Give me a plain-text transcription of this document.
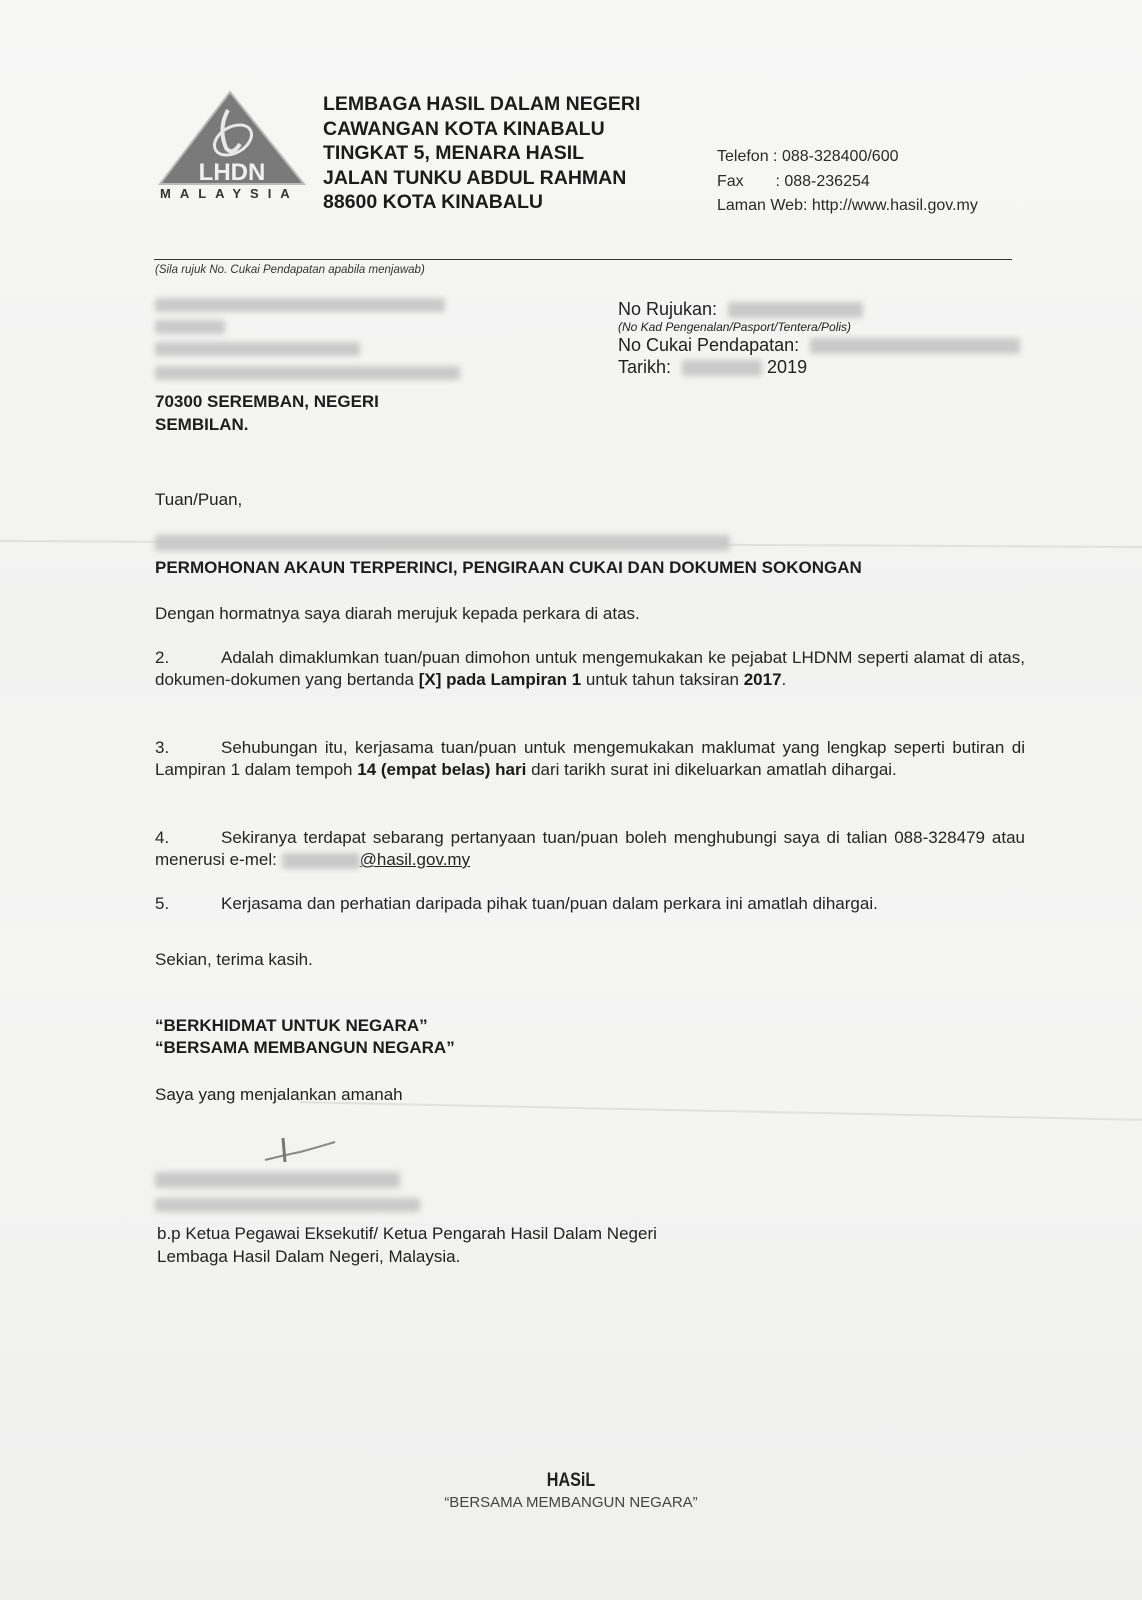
LHDN
MALAYSIA
LEMBAGA HASIL DALAM NEGERI
CAWANGAN KOTA KINABALU
TINGKAT 5, MENARA HASIL
JALAN TUNKU ABDUL RAHMAN
88600 KOTA KINABALU
Telefon : 088-328400/600
Fax : 088-236254
Laman Web: http://www.hasil.gov.my
(Sila rujuk No. Cukai Pendapatan apabila menjawab)

70300 SEREMBAN, NEGERI
SEMBILAN.
No Rujukan:
(No Kad Pengenalan/Pasport/Tentera/Polis)
No Cukai Pendapatan:
Tarikh:	2019
Tuan/Puan,
PERMOHONAN AKAUN TERPERINCI, PENGIRAAN CUKAI DAN DOKUMEN SOKONGAN
Dengan hormatnya saya diarah merujuk kepada perkara di atas.
2.	Adalah dimaklumkan tuan/puan dimohon untuk mengemukakan ke pejabat LHDNM seperti alamat di atas, dokumen-dokumen yang bertanda [X] pada Lampiran 1 untuk tahun taksiran 2017.
3.	Sehubungan itu, kerjasama tuan/puan untuk mengemukakan maklumat yang lengkap seperti butiran di Lampiran 1 dalam tempoh 14 (empat belas) hari dari tarikh surat ini dikeluarkan amatlah dihargai.
4.	Sekiranya terdapat sebarang pertanyaan tuan/puan boleh menghubungi saya di talian 088-328479 atau menerusi e-mel:	@hasil.gov.my
5.	Kerjasama dan perhatian daripada pihak tuan/puan dalam perkara ini amatlah dihargai.
Sekian, terima kasih.
“BERKHIDMAT UNTUK NEGARA”
“BERSAMA MEMBANGUN NEGARA”
Saya yang menjalankan amanah

b.p Ketua Pegawai Eksekutif/ Ketua Pengarah Hasil Dalam Negeri
Lembaga Hasil Dalam Negeri, Malaysia.
HASiL
“BERSAMA MEMBANGUN NEGARA”
